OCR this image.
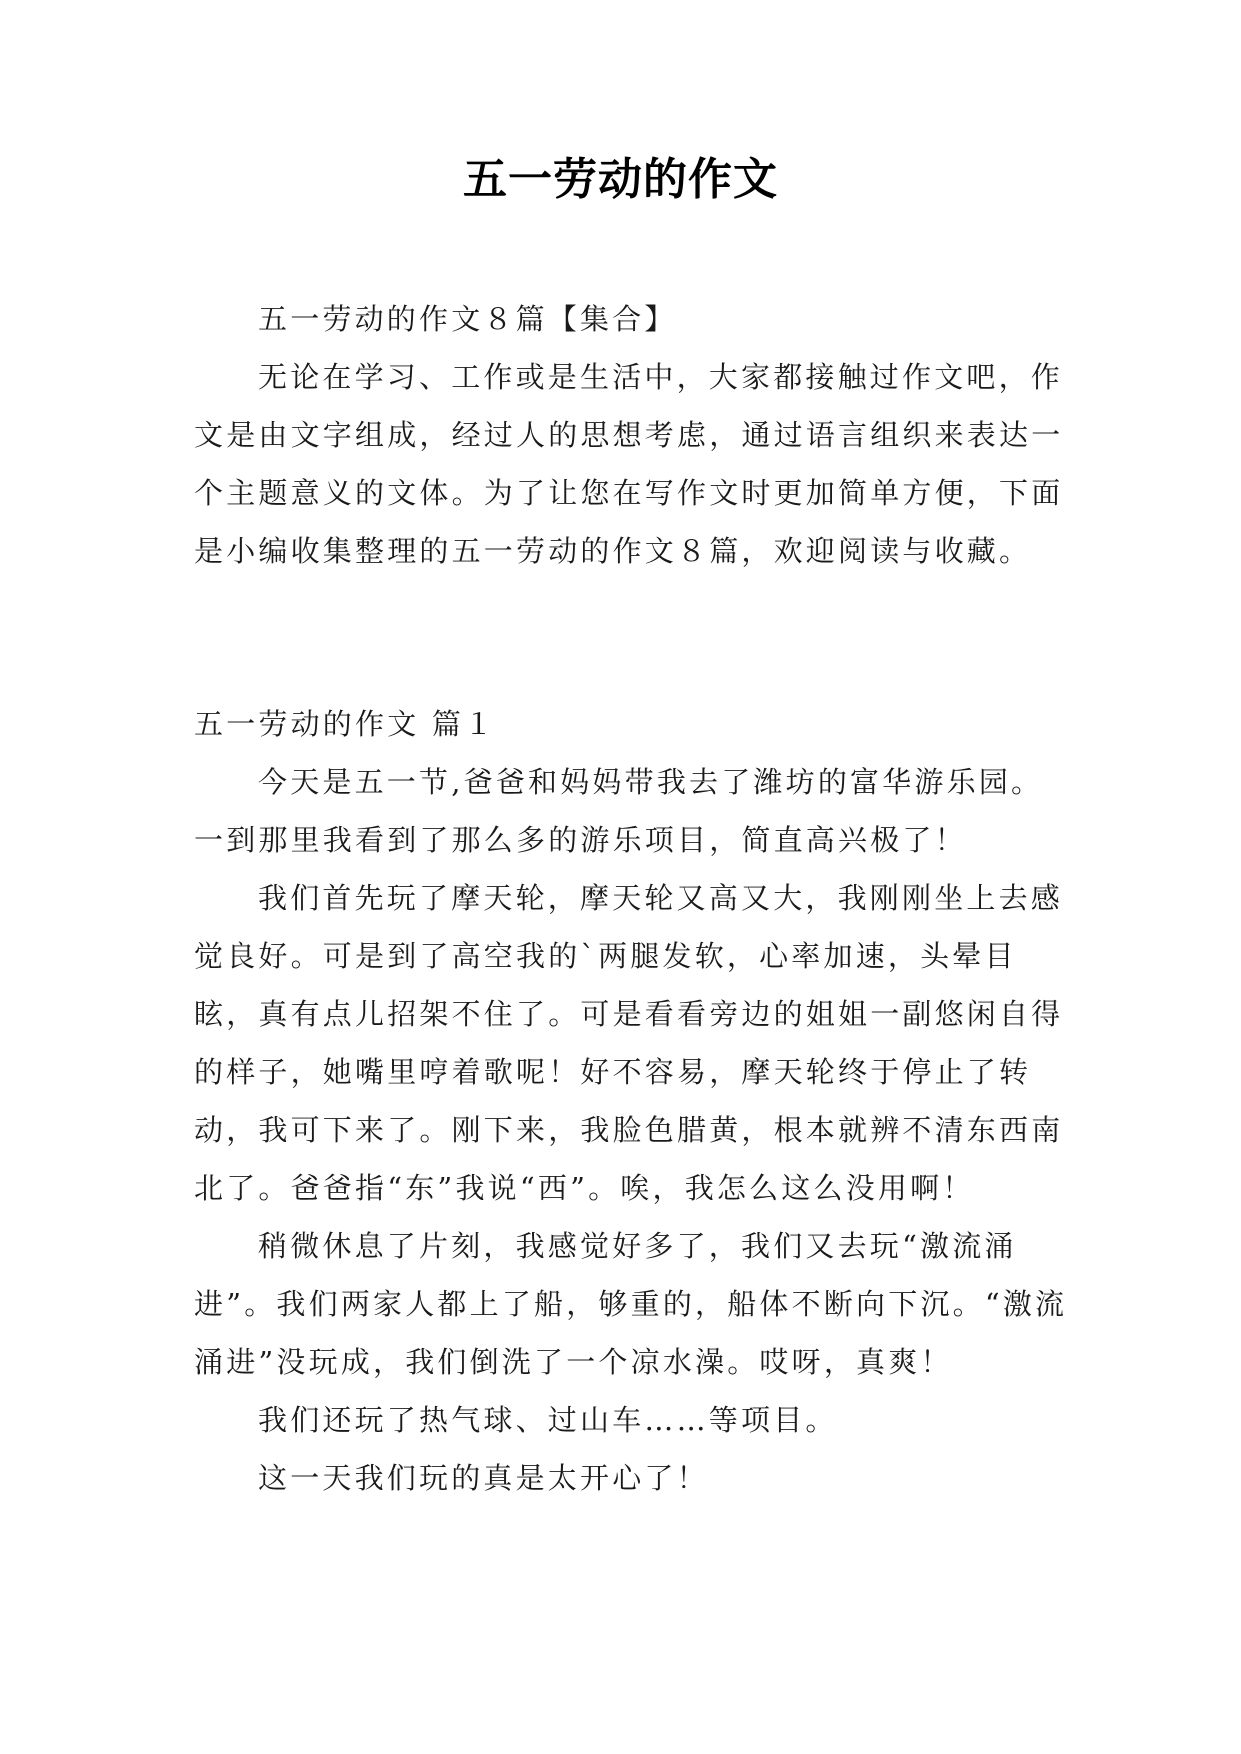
五一劳动的作文

五一劳动的作文８篇【集合】

无论在学习、工作或是生活中，大家都接触过作文吧，作文是由文字组成，经过人的思想考虑，通过语言组织来表达一个主题意义的文体。为了让您在写作文时更加简单方便，下面是小编收集整理的五一劳动的作文８篇，欢迎阅读与收藏。

五一劳动的作文 篇１

今天是五一节,爸爸和妈妈带我去了潍坊的富华游乐园。一到那里我看到了那么多的游乐项目，简直高兴极了！

我们首先玩了摩天轮，摩天轮又高又大，我刚刚坐上去感觉良好。可是到了高空我的`两腿发软，心率加速，头晕目眩，真有点儿招架不住了。可是看看旁边的姐姐一副悠闲自得的样子，她嘴里哼着歌呢！好不容易，摩天轮终于停止了转动，我可下来了。刚下来，我脸色腊黄，根本就辨不清东西南北了。爸爸指“东”我说“西”。唉，我怎么这么没用啊！

稍微休息了片刻，我感觉好多了，我们又去玩“激流涌进”。我们两家人都上了船，够重的，船体不断向下沉。“激流涌进”没玩成，我们倒洗了一个凉水澡。哎呀，真爽！

我们还玩了热气球、过山车……等项目。

这一天我们玩的真是太开心了！
